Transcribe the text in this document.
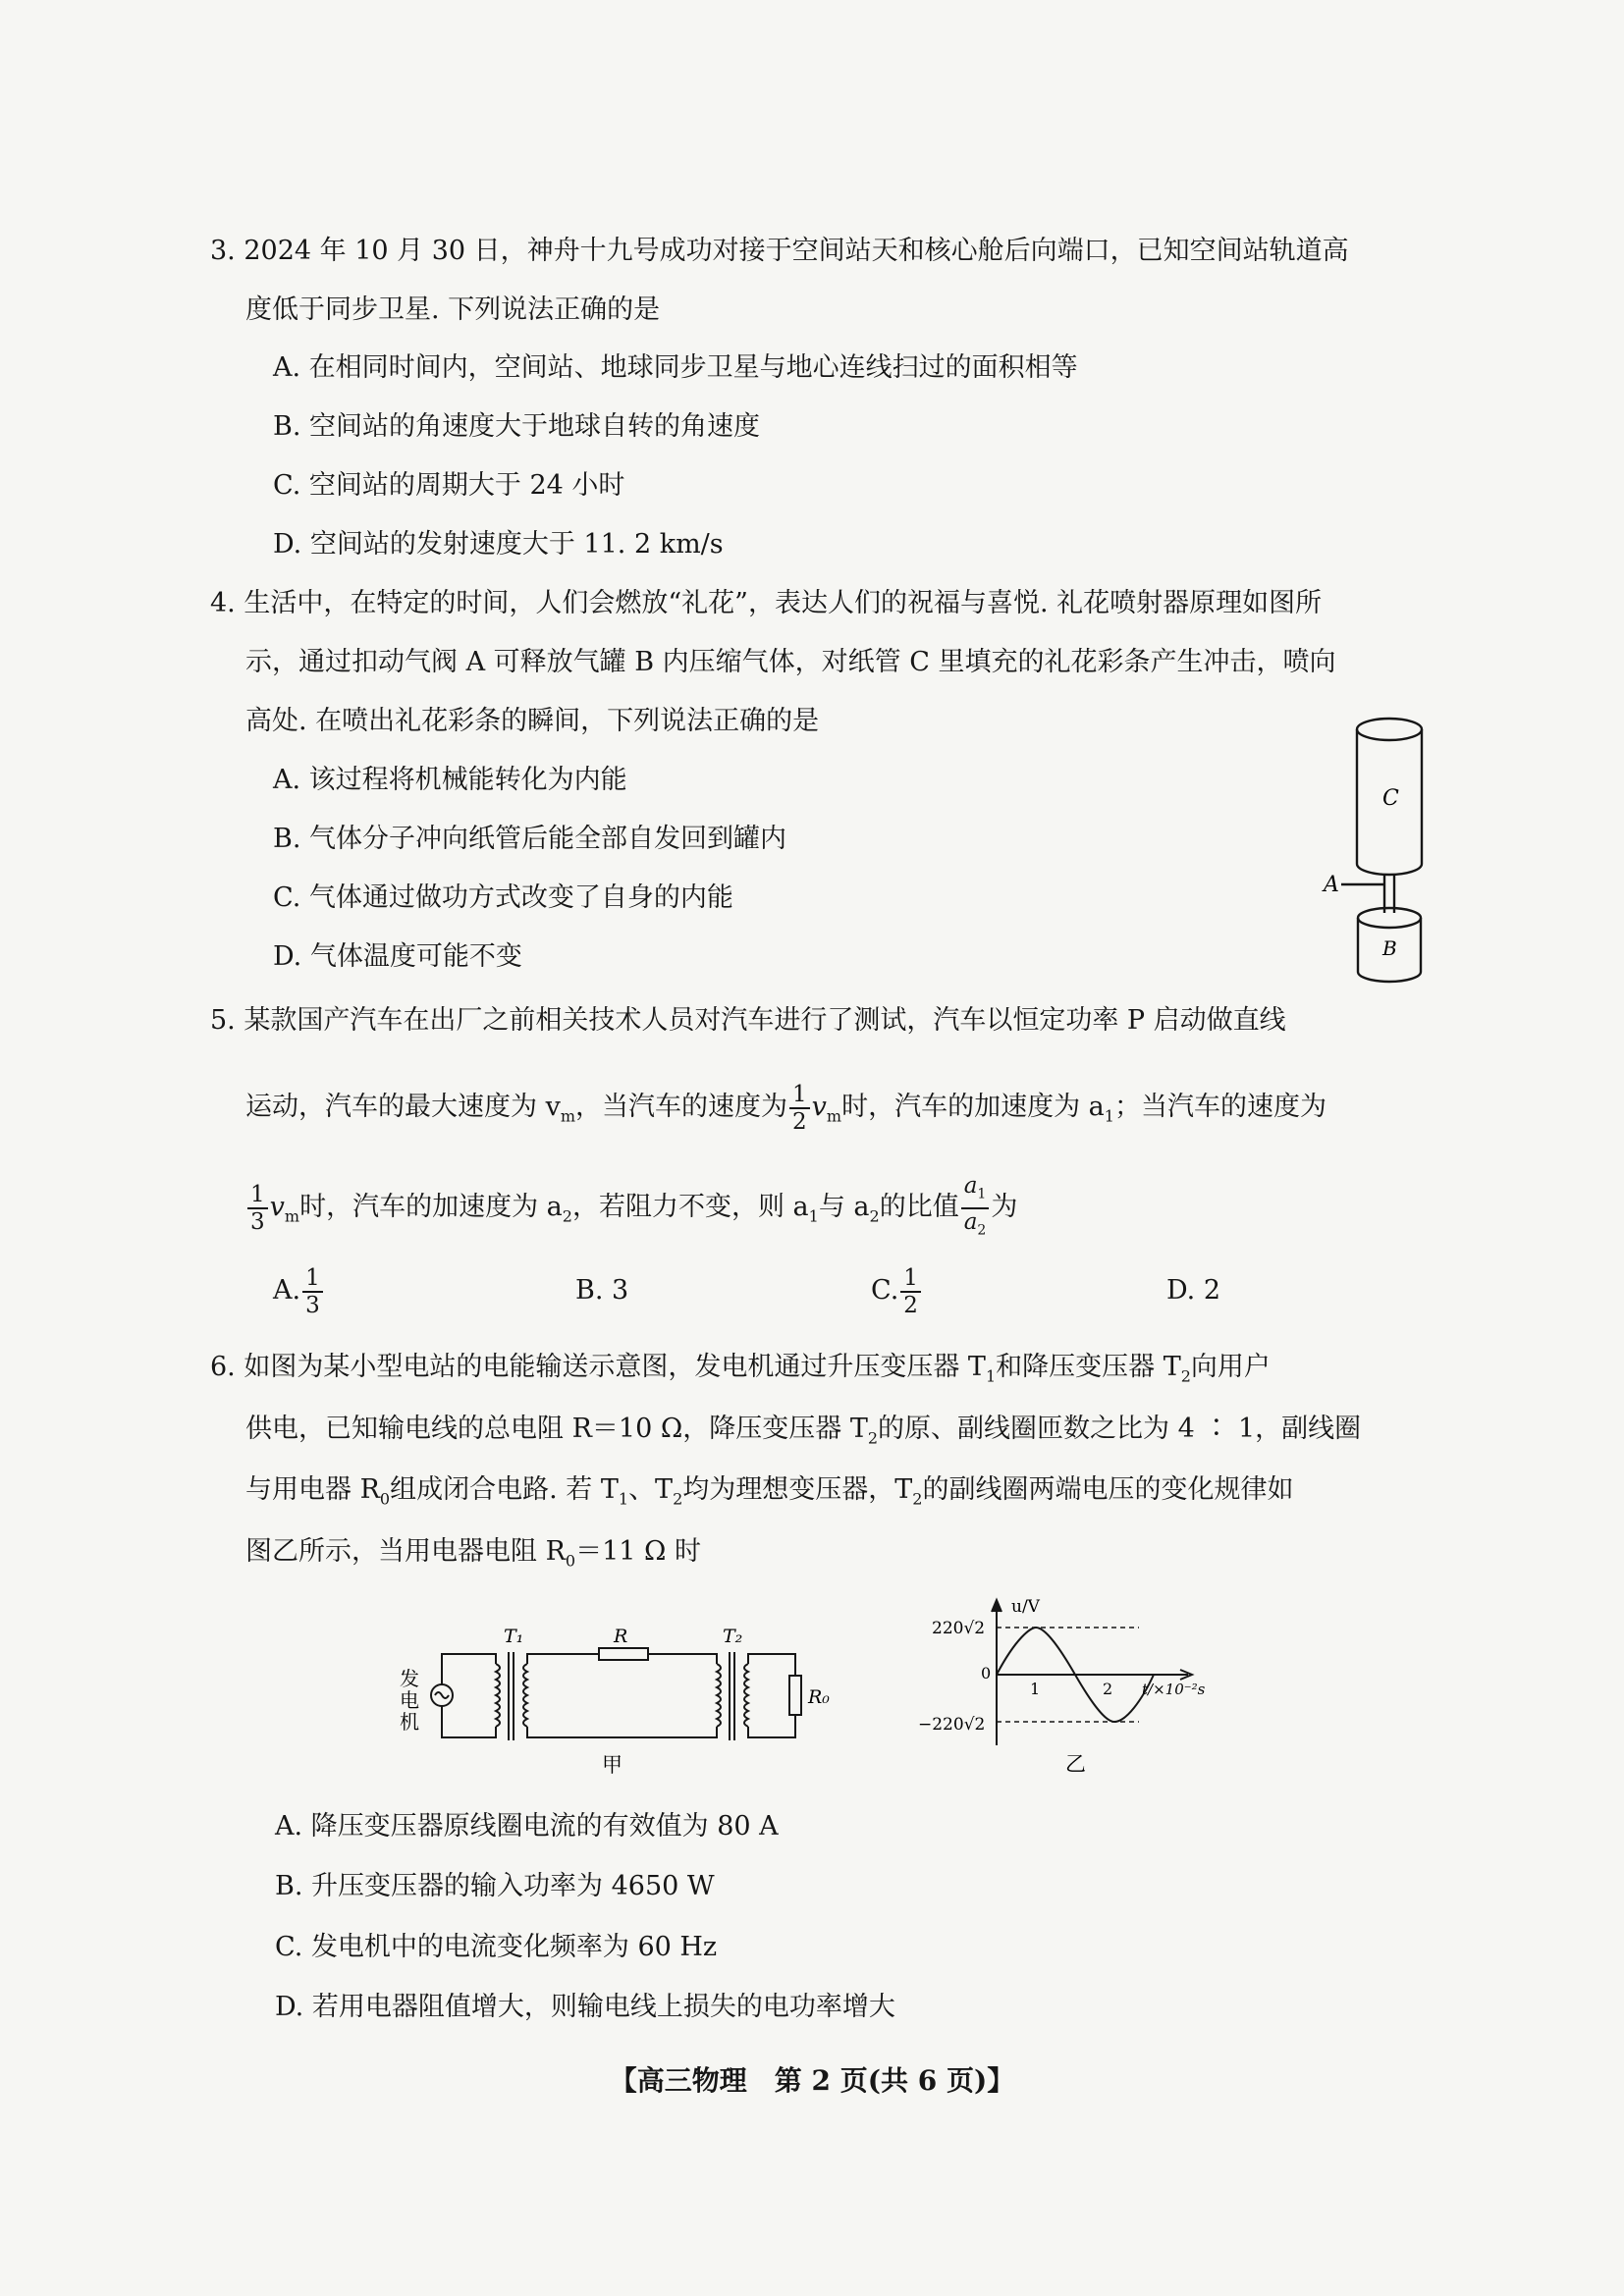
3. 2024 年 10 月 30 日，神舟十九号成功对接于空间站天和核心舱后向端口，已知空间站轨道高
度低于同步卫星. 下列说法正确的是
A. 在相同时间内，空间站、地球同步卫星与地心连线扫过的面积相等
B. 空间站的角速度大于地球自转的角速度
C. 空间站的周期大于 24 小时
D. 空间站的发射速度大于 11. 2 km/s
4. 生活中，在特定的时间，人们会燃放“礼花”，表达人们的祝福与喜悦. 礼花喷射器原理如图所
示，通过扣动气阀 A 可释放气罐 B 内压缩气体，对纸管 C 里填充的礼花彩条产生冲击，喷向
高处. 在喷出礼花彩条的瞬间，下列说法正确的是
A. 该过程将机械能转化为内能
B. 气体分子冲向纸管后能全部自发回到罐内
C. 气体通过做功方式改变了自身的内能
D. 气体温度可能不变
C
A
B
5. 某款国产汽车在出厂之前相关技术人员对汽车进行了测试，汽车以恒定功率 P 启动做直线
运动，汽车的最大速度为 $v_m$，当汽车的速度为 $\frac{1}{2} v_m$时，汽车的加速度为 $a_1$；当汽车的速度为
$\frac{1}{3} v_m$时，汽车的加速度为 $a_2$，若阻力不变，则 $a_1$与 $a_2$的比值 $\frac{a_1}{a_2}$ 为
A. $\frac{1}{3}$	B. 3	C. $\frac{1}{2}$	D. 2
6. 如图为某小型电站的电能输送示意图，发电机通过升压变压器 $T_1$和降压变压器 $T_2$向用户
供电，已知输电线的总电阻 R＝10 Ω，降压变压器 $T_2$的原、副线圈匝数之比为 4 ∶ 1，副线圈
与用电器 $R_0$组成闭合电路. 若 $T_1$、$T_2$均为理想变压器，$T_2$的副线圈两端电压的变化规律如
图乙所示，当用电器电阻 $R_0=11$ Ω 时
发
电
机
T₁	R	T₂
R₀
甲
u/V
220√2
0
1	2 t/×10⁻²s
−220√2
乙
A. 降压变压器原线圈电流的有效值为 80 A
B. 升压变压器的输入功率为 4650 W
C. 发电机中的电流变化频率为 60 Hz
D. 若用电器阻值增大，则输电线上损失的电功率增大
【高三物理　第 2 页(共 6 页)】
